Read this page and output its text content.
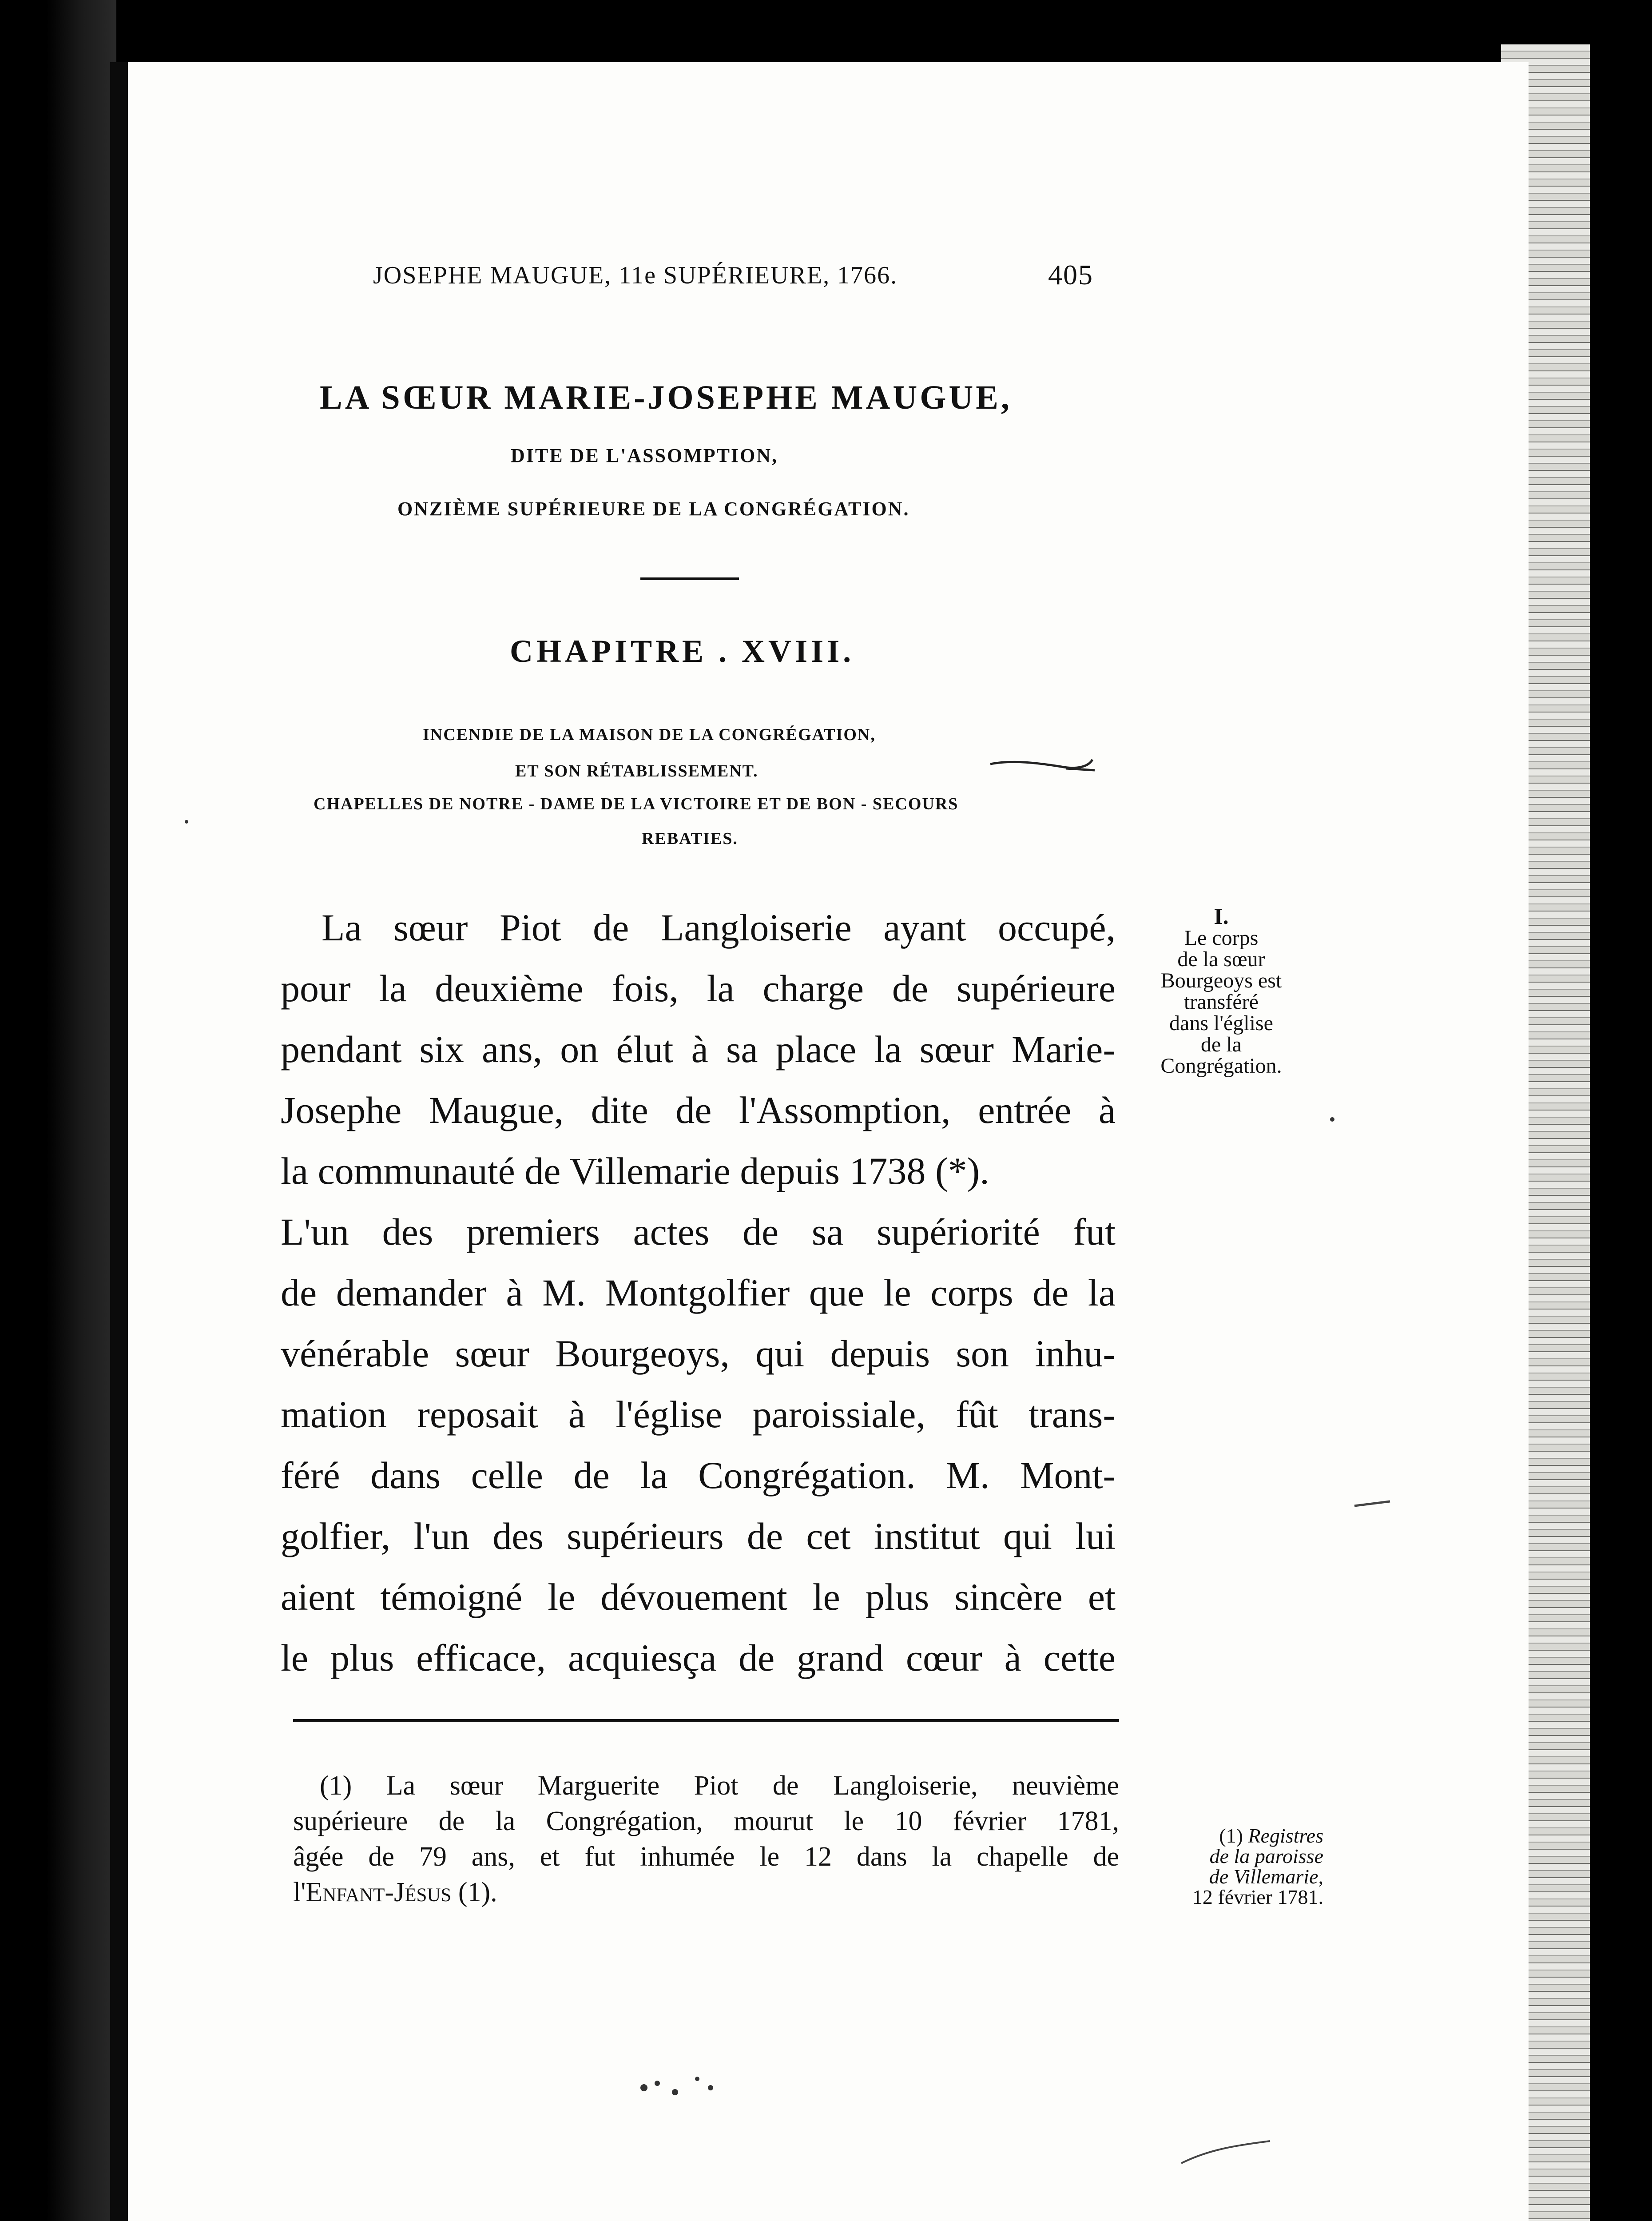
JOSEPHE MAUGUE, 11e SUPÉRIEURE, 1766.	405
LA SŒUR MARIE-JOSEPHE MAUGUE,
DITE DE L'ASSOMPTION,
ONZIÈME SUPÉRIEURE DE LA CONGRÉGATION.
CHAPITRE . XVIII.
INCENDIE DE LA MAISON DE LA CONGRÉGATION,
ET SON RÉTABLISSEMENT.
CHAPELLES DE NOTRE - DAME DE LA VICTOIRE ET DE BON - SECOURS
REBATIES.
La sœur Piot de Langloiserie ayant occupé,
pour la deuxième fois, la charge de supérieure
pendant six ans, on élut à sa place la sœur Marie-
Josephe Maugue, dite de l'Assomption, entrée à
la communauté de Villemarie depuis 1738 (*).
L'un des premiers actes de sa supériorité fut
de demander à M. Montgolfier que le corps de la
vénérable sœur Bourgeoys, qui depuis son inhu-
mation reposait à l'église paroissiale, fût trans-
féré dans celle de la Congrégation. M. Mont-
golfier, l'un des supérieurs de cet institut qui lui
aient témoigné le dévouement le plus sincère et
le plus efficace, acquiesça de grand cœur à cette
I.
Le corps
de la sœur
Bourgeoys est
transféré
dans l'église
de la
Congrégation.
(1) La sœur Marguerite Piot de Langloiserie, neuvième
supérieure de la Congrégation, mourut le 10 février 1781,
âgée de 79 ans, et fut inhumée le 12 dans la chapelle de
l'Enfant-Jésus (1).
(1) Registres
de la paroisse
de Villemarie,
12 février 1781.
